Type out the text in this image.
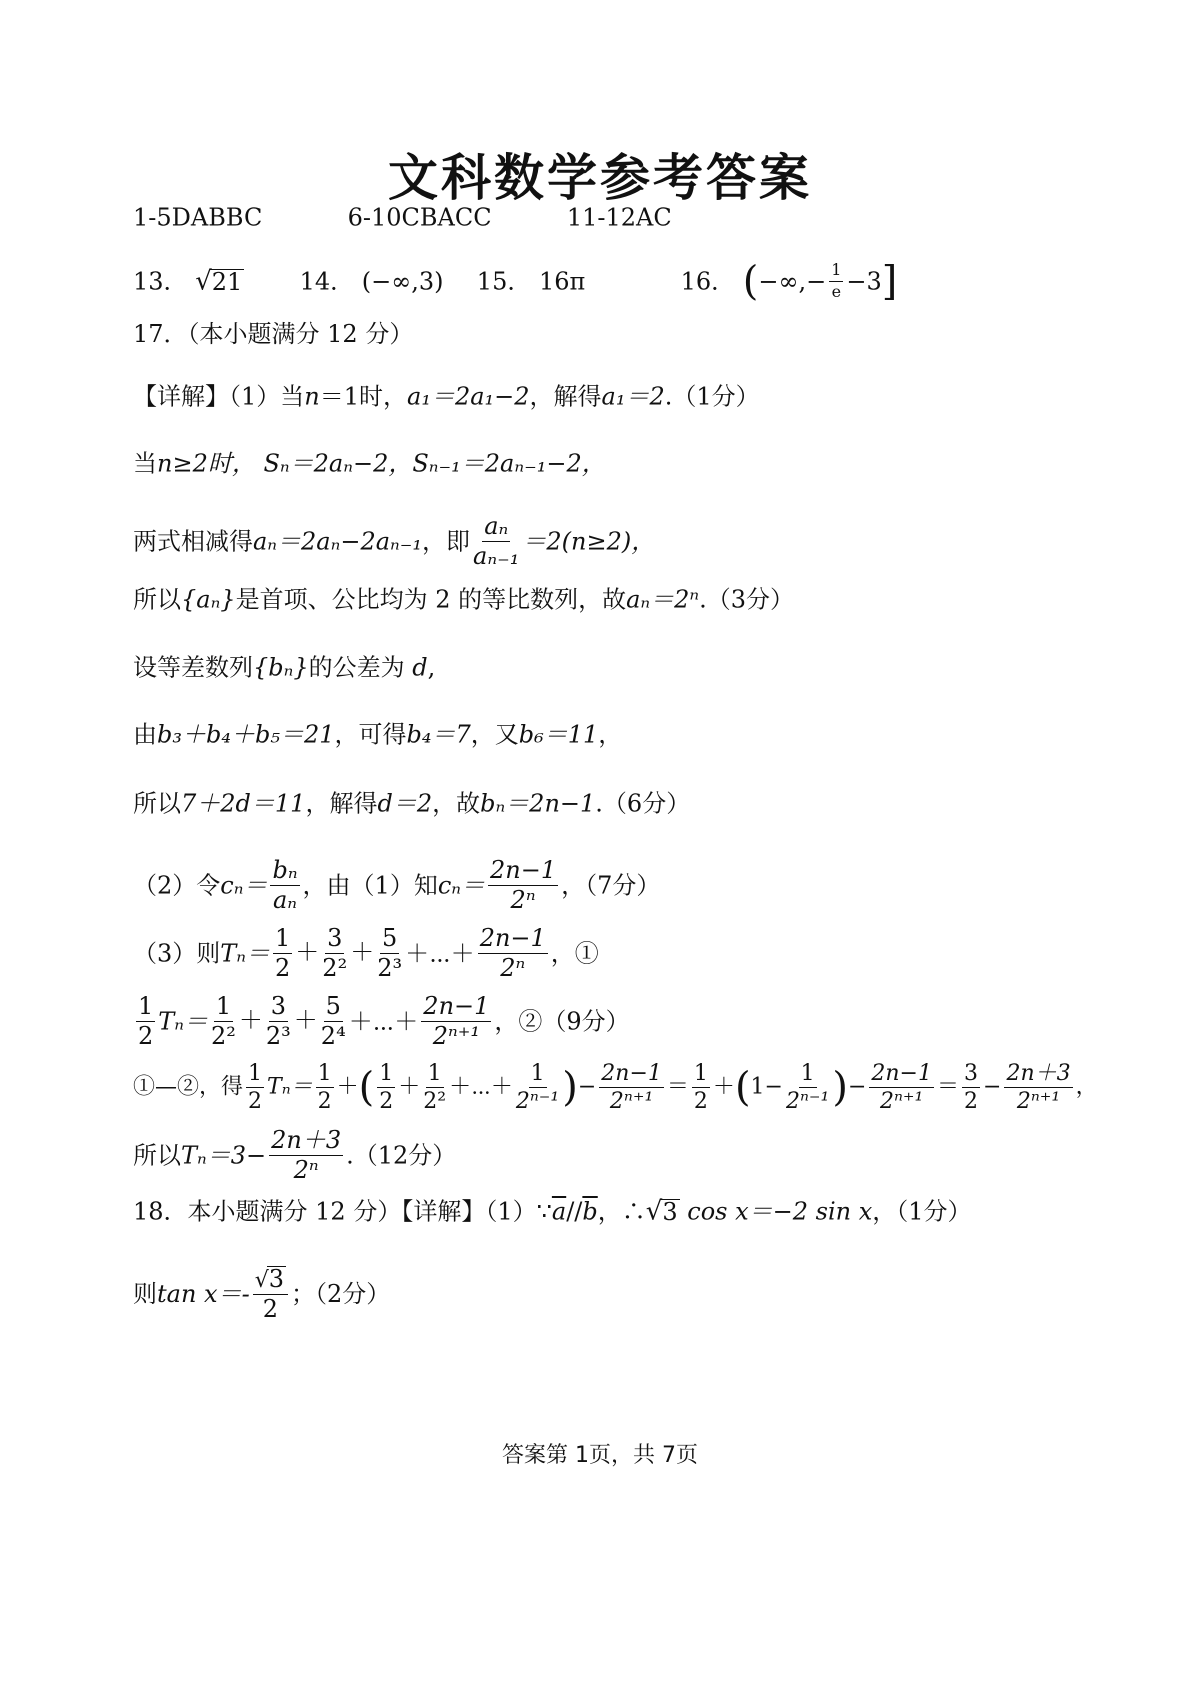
文科数学参考答案
1-5DABBC	6-10CBACC	11-12AC
13． √21 14． (−∞,3) 15． 16π	16． (−∞,− $\frac{1}{e} -3$]
17．（本小题满分 12 分）
【详解】（1）当n＝1时，a₁＝2a₁−2，解得a₁＝2.（1分）
当n≥2时， Sₙ＝2aₙ−2，Sₙ₋₁＝2aₙ₋₁−2，
两式相减得aₙ＝2aₙ−2aₙ₋₁，即 $\frac{\text{aₙ}}{\text{aₙ₋₁}} =2(n\ge 2)$，
所以{aₙ}是首项、公比均为 2 的等比数列，故aₙ＝2ⁿ.（3分）
设等差数列{bₙ}的公差为 d,
由b₃＋b₄＋b₅＝21，可得b₄＝7，又b₆＝11，
所以7＋2d＝11，解得d＝2，故bₙ＝2n−1.（6分）
（2）令$c_n= \frac{\text{bₙ}}{\text{aₙ}}$ ，由（1）知$c_n= \frac{2n-1}{\text{2ⁿ}}$ ，（7分）
（3）则$T_n= \frac{1}{2} + \frac{3}{\text{2²}} + \frac{5}{\text{2³}}$ ＋⋯＋ $\frac{2n-1}{\text{2ⁿ}}$ ，①
$\frac{1}{2} T_n= \frac{1}{\text{2²}} + \frac{3}{\text{2³}} + \frac{5}{\text{2⁴}}$ ＋⋯＋ $\frac{2n-1}{\text{2ⁿ⁺¹}}$ ，②（9分）
①—②，得 $\frac{1}{2} T_n= \frac{1}{2}$ ＋( $\frac{1}{2} + \frac{1}{\text{2²}}$ ＋⋯＋ $\frac{1}{\text{2ⁿ⁻¹}}$ )− $\frac{2n-1}{\text{2ⁿ⁺¹}} = \frac{1}{2} +(1- \frac{1}{\text{2ⁿ⁻¹}}$ )− $\frac{2n-1}{\text{2ⁿ⁺¹}} = \frac{3}{2} - \frac{2n+3}{\text{2ⁿ⁺¹}}$ ，
所以$T_n=3- \frac{2n+3}{\text{2ⁿ}} .(12$分）
18．本小题满分 12 分）【详解】$(1)\because\overline{a}//\overline{b}$，∴√3 cos x＝−2 sin x，（1分）
则$\tan x=- \frac{√3}{2}$ ；（2分）
答案第 1页，共 7页
